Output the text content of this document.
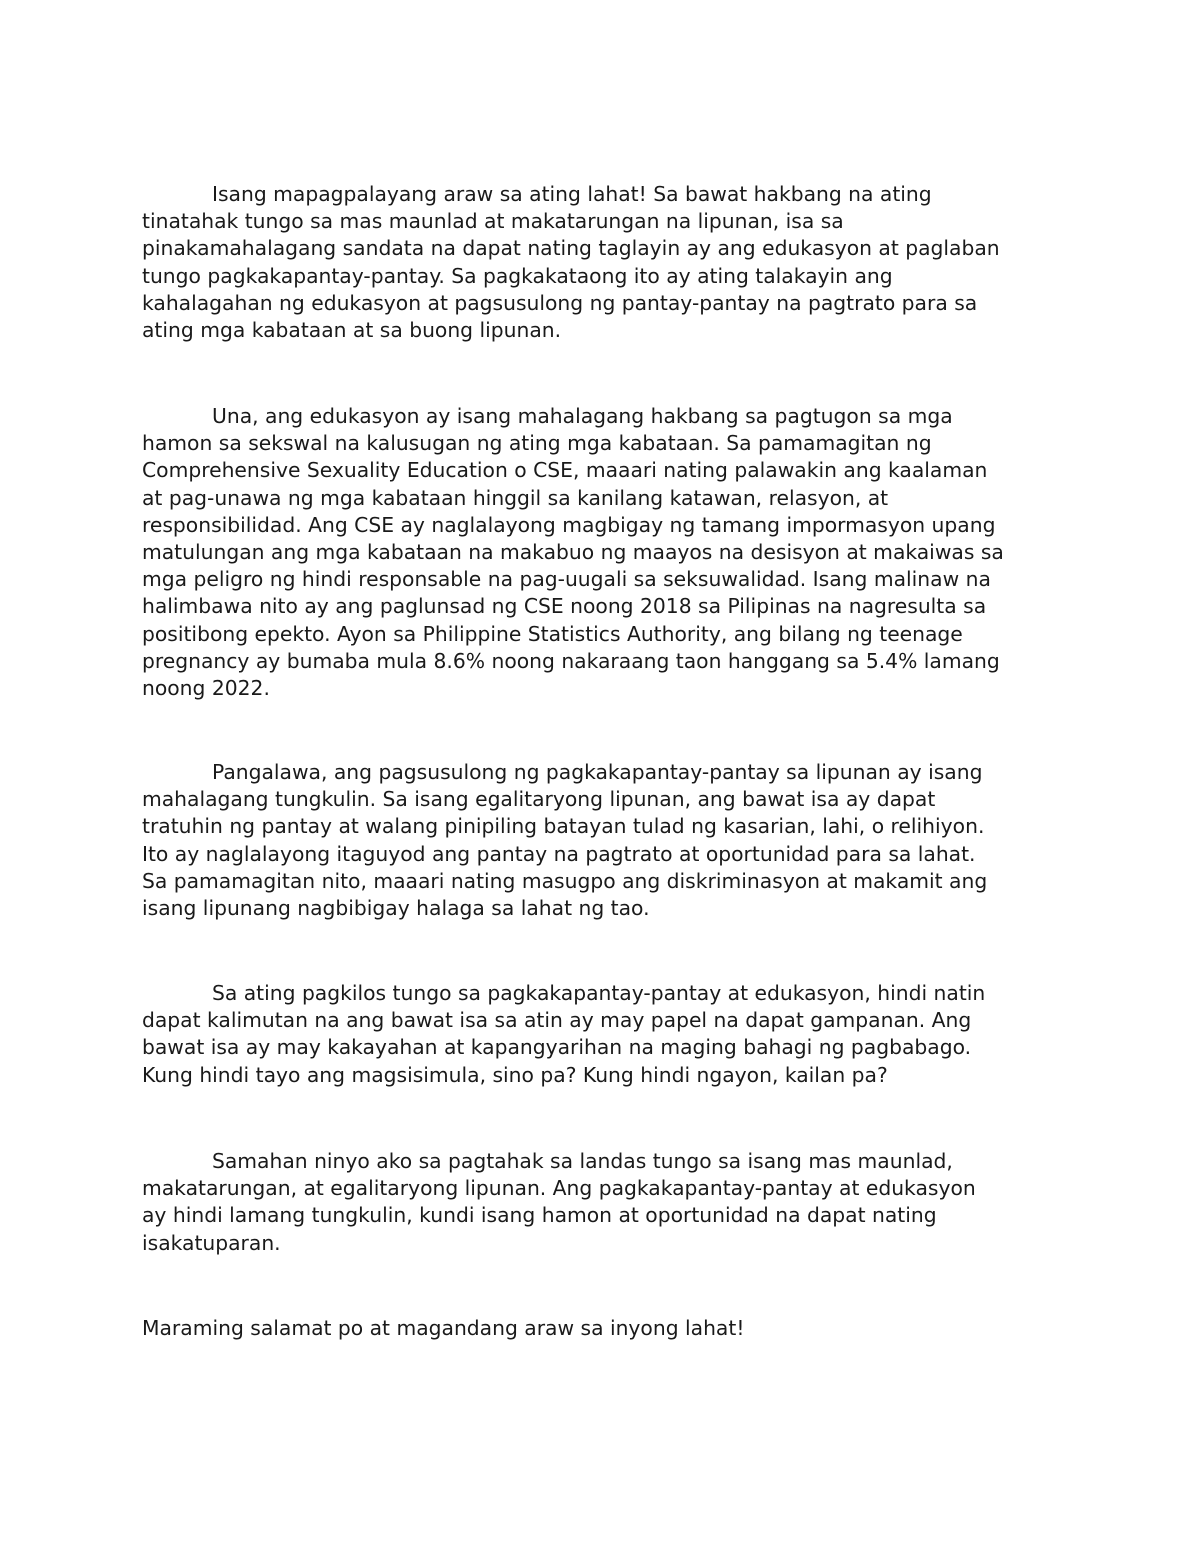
Isang mapagpalayang araw sa ating lahat! Sa bawat hakbang na ating
tinatahak tungo sa mas maunlad at makatarungan na lipunan, isa sa
pinakamahalagang sandata na dapat nating taglayin ay ang edukasyon at paglaban
tungo pagkakapantay-pantay. Sa pagkakataong ito ay ating talakayin ang
kahalagahan ng edukasyon at pagsusulong ng pantay-pantay na pagtrato para sa
ating mga kabataan at sa buong lipunan.

Una, ang edukasyon ay isang mahalagang hakbang sa pagtugon sa mga
hamon sa sekswal na kalusugan ng ating mga kabataan. Sa pamamagitan ng
Comprehensive Sexuality Education o CSE, maaari nating palawakin ang kaalaman
at pag-unawa ng mga kabataan hinggil sa kanilang katawan, relasyon, at
responsibilidad. Ang CSE ay naglalayong magbigay ng tamang impormasyon upang
matulungan ang mga kabataan na makabuo ng maayos na desisyon at makaiwas sa
mga peligro ng hindi responsable na pag-uugali sa seksuwalidad. Isang malinaw na
halimbawa nito ay ang paglunsad ng CSE noong 2018 sa Pilipinas na nagresulta sa
positibong epekto. Ayon sa Philippine Statistics Authority, ang bilang ng teenage
pregnancy ay bumaba mula 8.6% noong nakaraang taon hanggang sa 5.4% lamang
noong 2022.

Pangalawa, ang pagsusulong ng pagkakapantay-pantay sa lipunan ay isang
mahalagang tungkulin. Sa isang egalitaryong lipunan, ang bawat isa ay dapat
tratuhin ng pantay at walang pinipiling batayan tulad ng kasarian, lahi, o relihiyon.
Ito ay naglalayong itaguyod ang pantay na pagtrato at oportunidad para sa lahat.
Sa pamamagitan nito, maaari nating masugpo ang diskriminasyon at makamit ang
isang lipunang nagbibigay halaga sa lahat ng tao.

Sa ating pagkilos tungo sa pagkakapantay-pantay at edukasyon, hindi natin
dapat kalimutan na ang bawat isa sa atin ay may papel na dapat gampanan. Ang
bawat isa ay may kakayahan at kapangyarihan na maging bahagi ng pagbabago.
Kung hindi tayo ang magsisimula, sino pa? Kung hindi ngayon, kailan pa?

Samahan ninyo ako sa pagtahak sa landas tungo sa isang mas maunlad,
makatarungan, at egalitaryong lipunan. Ang pagkakapantay-pantay at edukasyon
ay hindi lamang tungkulin, kundi isang hamon at oportunidad na dapat nating
isakatuparan.

Maraming salamat po at magandang araw sa inyong lahat!
